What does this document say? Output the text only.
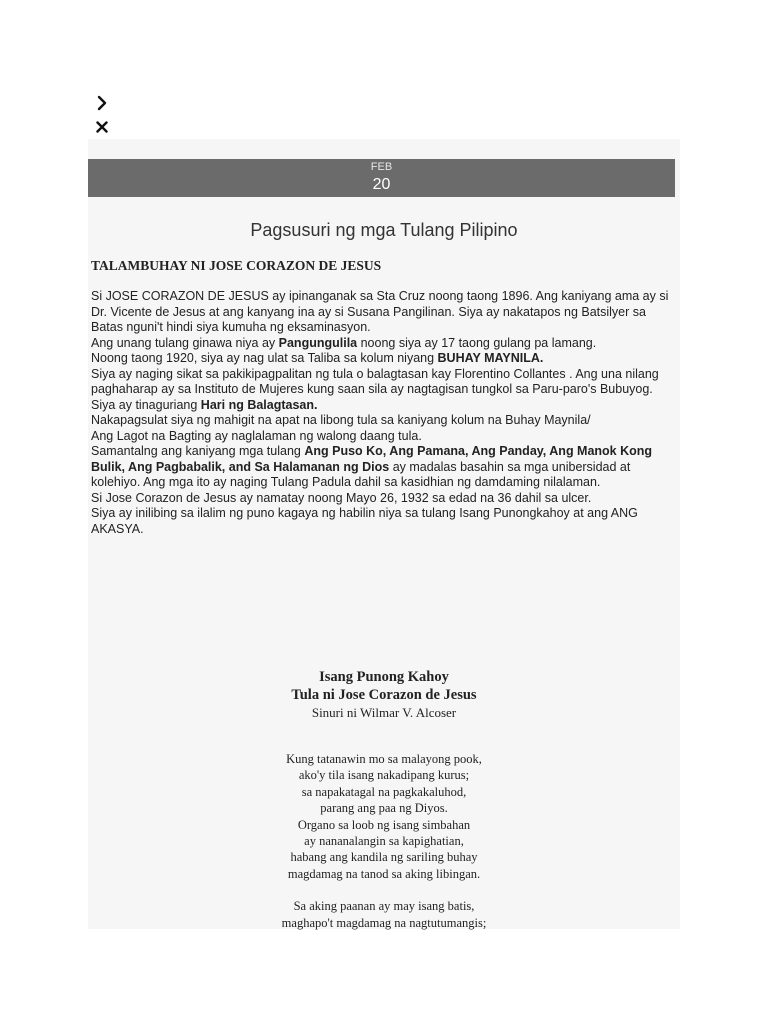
FEB
20
Pagsusuri ng mga Tulang Pilipino
TALAMBUHAY NI JOSE CORAZON DE JESUS

Si JOSE CORAZON DE JESUS ay ipinanganak sa Sta Cruz noong taong 1896. Ang kaniyang ama ay si Dr. Vicente de Jesus at ang kanyang ina ay si Susana Pangilinan. Siya ay nakatapos ng Batsilyer sa Batas nguni't hindi siya kumuha ng eksaminasyon.

Ang unang tulang ginawa niya ay Pangungulila noong siya ay 17 taong gulang pa lamang.

Noong taong 1920, siya ay nag ulat sa Taliba sa kolum niyang BUHAY MAYNILA.

Siya ay naging sikat sa pakikipagpalitan ng tula o balagtasan kay Florentino Collantes . Ang una nilang paghaharap ay sa Instituto de Mujeres kung saan sila ay nagtagisan tungkol sa Paru-paro's Bubuyog.

Siya ay tinaguriang Hari ng Balagtasan.

Nakapagsulat siya ng mahigit na apat na libong tula sa kaniyang kolum na Buhay Maynila/

Ang Lagot na Bagting ay naglalaman ng walong daang tula.

Samantalng ang kaniyang mga tulang Ang Puso Ko, Ang Pamana, Ang Panday, Ang Manok Kong Bulik, Ang Pagbabalik, and Sa Halamanan ng Dios ay madalas basahin sa mga unibersidad at kolehiyo. Ang mga ito ay naging Tulang Padula dahil sa kasidhian ng damdaming nilalaman.

Si Jose Corazon de Jesus ay namatay noong Mayo 26, 1932 sa edad na 36 dahil sa ulcer.

Siya ay inilibing sa ilalim ng puno kagaya ng habilin niya sa tulang Isang Punongkahoy at ang ANG AKASYA.

Isang Punong Kahoy
Tula ni Jose Corazon de Jesus
Sinuri ni Wilmar V. Alcoser
Kung tatanawin mo sa malayong pook,
ako'y tila isang nakadipang kurus;
sa napakatagal na pagkakaluhod,
parang ang paa ng Diyos.
Organo sa loob ng isang simbahan
ay nananalangin sa kapighatian,
habang ang kandila ng sariling buhay
magdamag na tanod sa aking libingan.
Sa aking paanan ay may isang batis,
maghapo't magdamag na nagtutumangis;
